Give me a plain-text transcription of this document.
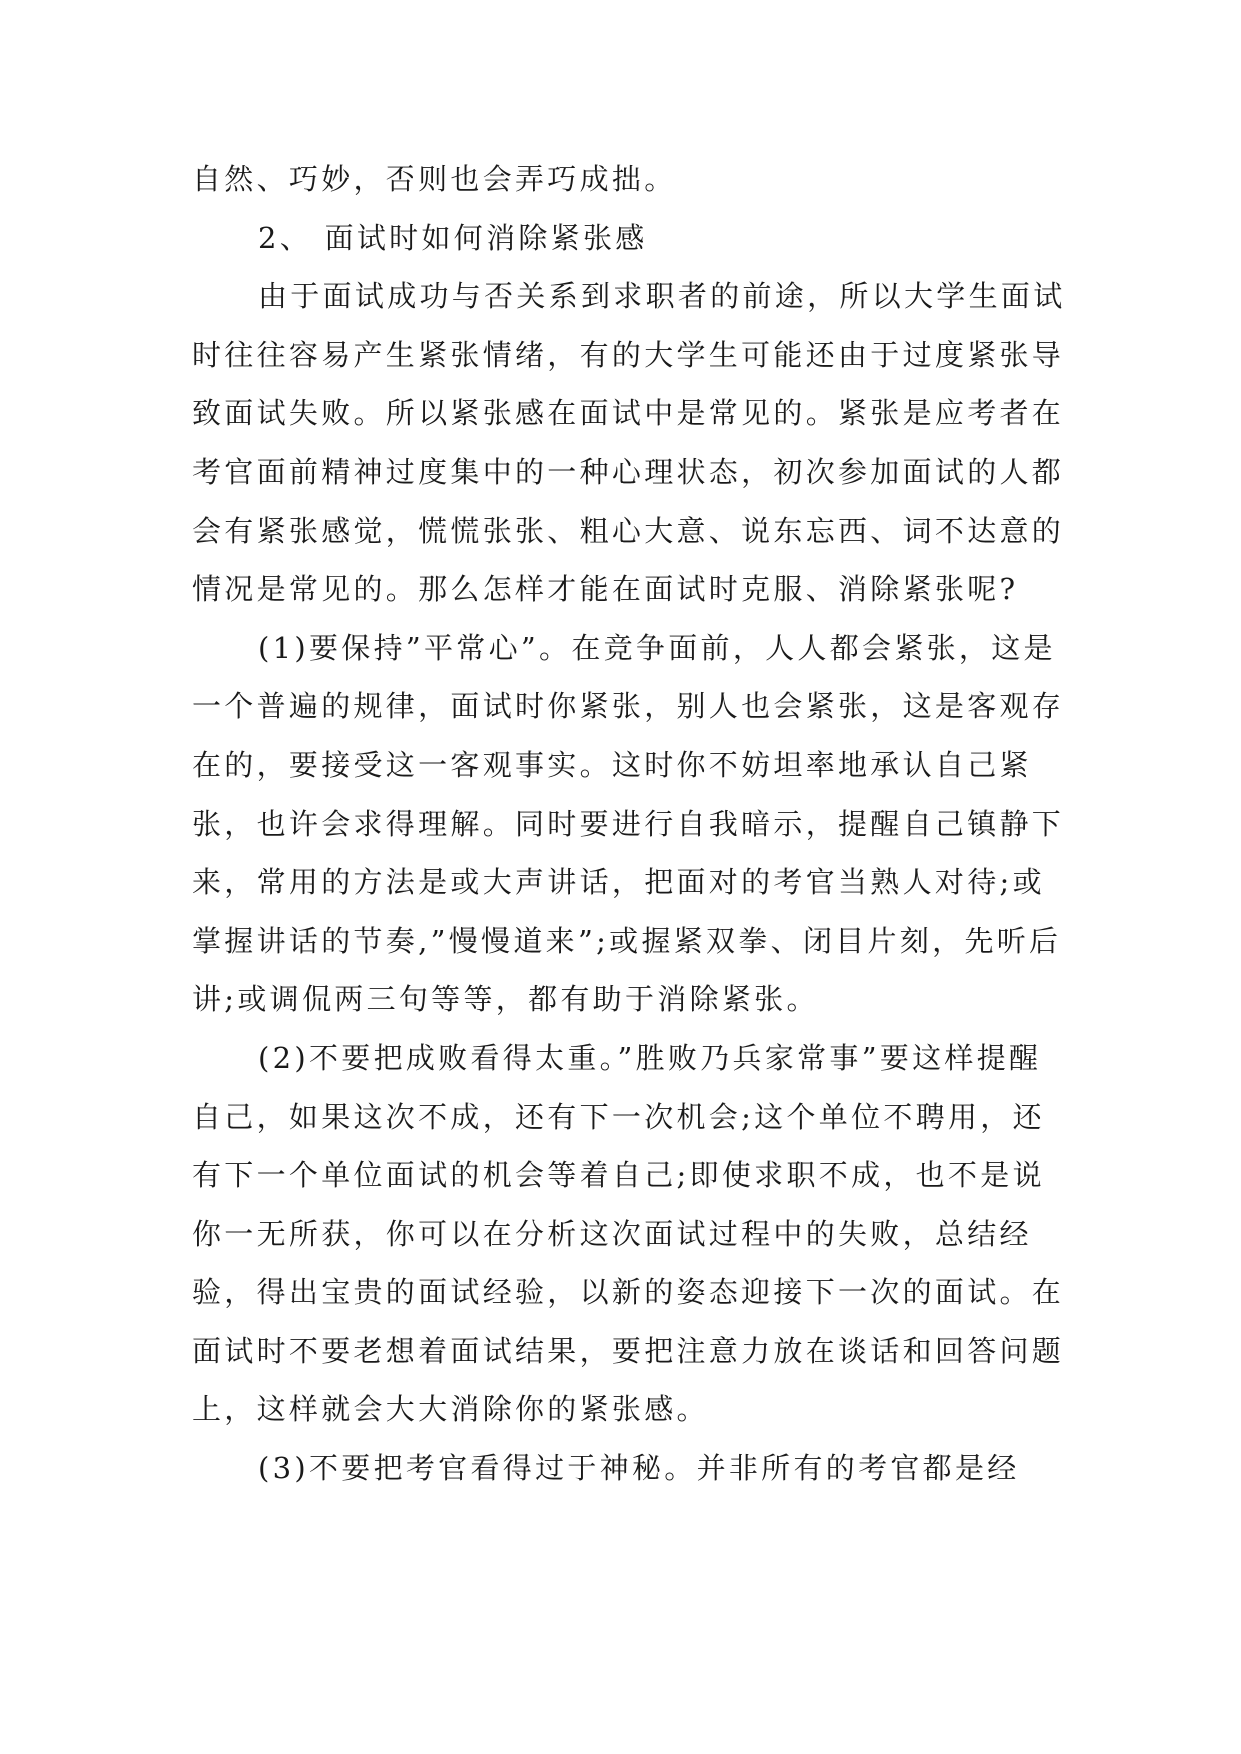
自然、巧妙，否则也会弄巧成拙。

2、 面试时如何消除紧张感

由于面试成功与否关系到求职者的前途，所以大学生面试时往往容易产生紧张情绪，有的大学生可能还由于过度紧张导致面试失败。所以紧张感在面试中是常见的。紧张是应考者在考官面前精神过度集中的一种心理状态，初次参加面试的人都会有紧张感觉，慌慌张张、粗心大意、说东忘西、词不达意的情况是常见的。那么怎样才能在面试时克服、消除紧张呢?

(1)要保持”平常心”。在竞争面前，人人都会紧张，这是一个普遍的规律，面试时你紧张，别人也会紧张，这是客观存在的，要接受这一客观事实。这时你不妨坦率地承认自己紧张，也许会求得理解。同时要进行自我暗示，提醒自己镇静下来，常用的方法是或大声讲话，把面对的考官当熟人对待;或掌握讲话的节奏,”慢慢道来”;或握紧双拳、闭目片刻，先听后讲;或调侃两三句等等，都有助于消除紧张。

(2)不要把成败看得太重。”胜败乃兵家常事”要这样提醒自己，如果这次不成，还有下一次机会;这个单位不聘用，还有下一个单位面试的机会等着自己;即使求职不成，也不是说你一无所获，你可以在分析这次面试过程中的失败，总结经验，得出宝贵的面试经验，以新的姿态迎接下一次的面试。在面试时不要老想着面试结果，要把注意力放在谈话和回答问题上，这样就会大大消除你的紧张感。

(3)不要把考官看得过于神秘。并非所有的考官都是经
